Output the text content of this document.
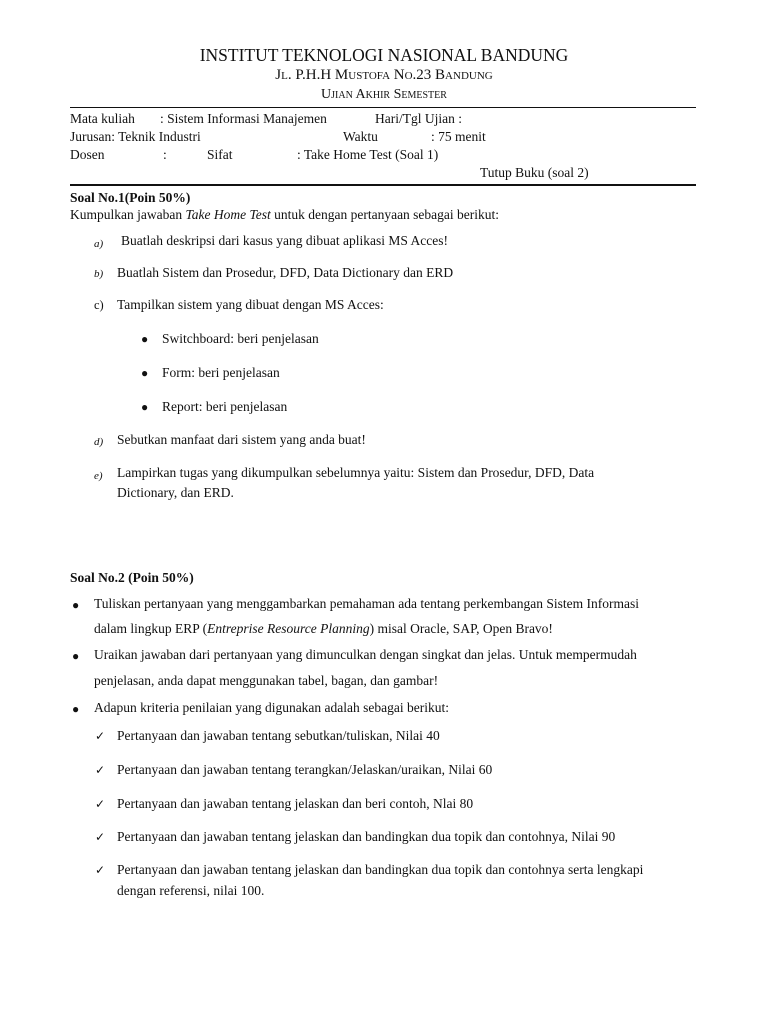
INSTITUT TEKNOLOGI NASIONAL BANDUNG
Jl. P.H.H Mustofa No.23 Bandung
Ujian Akhir Semester
Mata kuliah : Sistem Informasi Manajemen	Hari/Tgl Ujian :
Jurusan: Teknik Industri	Waktu	: 75 menit
Dosen	:	Sifat	: Take Home Test (Soal 1)
Tutup Buku (soal 2)
Soal No.1(Poin 50%)
Kumpulkan jawaban Take Home Test untuk dengan pertanyaan sebagai berikut:
a) Buatlah deskripsi dari kasus yang dibuat aplikasi MS Acces!
b) Buatlah Sistem dan Prosedur, DFD, Data Dictionary dan ERD
c) Tampilkan sistem yang dibuat dengan MS Acces:
● Switchboard: beri penjelasan
● Form: beri penjelasan
● Report: beri penjelasan
d) Sebutkan manfaat dari sistem yang anda buat!
e) Lampirkan tugas yang dikumpulkan sebelumnya yaitu: Sistem dan Prosedur, DFD, Data
Dictionary, dan ERD.
Soal No.2 (Poin 50%)
● Tuliskan pertanyaan yang menggambarkan pemahaman ada tentang perkembangan Sistem Informasi
dalam lingkup ERP (Entreprise Resource Planning) misal Oracle, SAP, Open Bravo!
● Uraikan jawaban dari pertanyaan yang dimunculkan dengan singkat dan jelas. Untuk mempermudah
penjelasan, anda dapat menggunakan tabel, bagan, dan gambar!
● Adapun kriteria penilaian yang digunakan adalah sebagai berikut:
✓ Pertanyaan dan jawaban tentang sebutkan/tuliskan, Nilai 40
✓ Pertanyaan dan jawaban tentang terangkan/Jelaskan/uraikan, Nilai 60
✓ Pertanyaan dan jawaban tentang jelaskan dan beri contoh, Nlai 80
✓ Pertanyaan dan jawaban tentang jelaskan dan bandingkan dua topik dan contohnya, Nilai 90
✓ Pertanyaan dan jawaban tentang jelaskan dan bandingkan dua topik dan contohnya serta lengkapi
dengan referensi, nilai 100.
